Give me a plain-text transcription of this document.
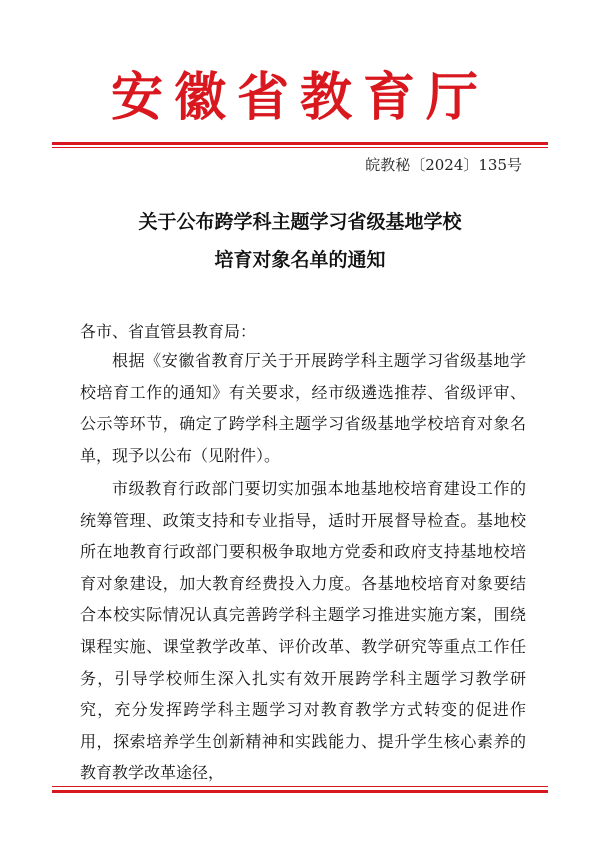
安徽省教育厅
皖教秘〔2024〕135号
关于公布跨学科主题学习省级基地学校
培育对象名单的通知
各市、省直管县教育局：
根据《安徽省教育厅关于开展跨学科主题学习省级基地学校培育工作的通知》有关要求，经市级遴选推荐、省级评审、公示等环节，确定了跨学科主题学习省级基地学校培育对象名单，现予以公布（见附件）。
市级教育行政部门要切实加强本地基地校培育建设工作的统筹管理、政策支持和专业指导，适时开展督导检查。基地校所在地教育行政部门要积极争取地方党委和政府支持基地校培育对象建设，加大教育经费投入力度。各基地校培育对象要结合本校实际情况认真完善跨学科主题学习推进实施方案，围绕课程实施、课堂教学改革、评价改革、教学研究等重点工作任务，引导学校师生深入扎实有效开展跨学科主题学习教学研究，充分发挥跨学科主题学习对教育教学方式转变的促进作用，探索培养学生创新精神和实践能力、提升学生核心素养的教育教学改革途径，
